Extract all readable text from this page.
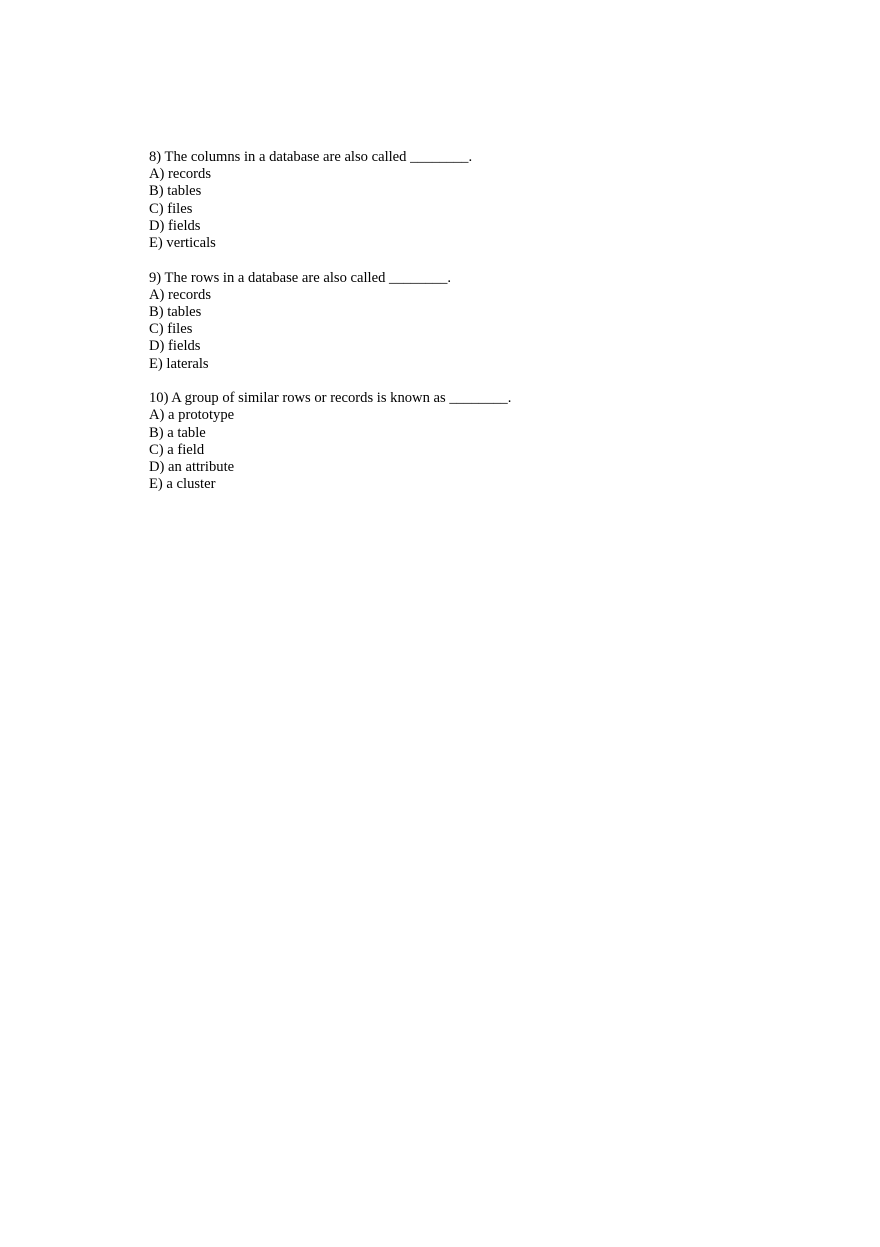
8) The columns in a database are also called ________.
A) records
B) tables
C) files
D) fields
E) verticals
9) The rows in a database are also called ________.
A) records
B) tables
C) files
D) fields
E) laterals
10) A group of similar rows or records is known as ________.
A) a prototype
B) a table
C) a field
D) an attribute
E) a cluster
